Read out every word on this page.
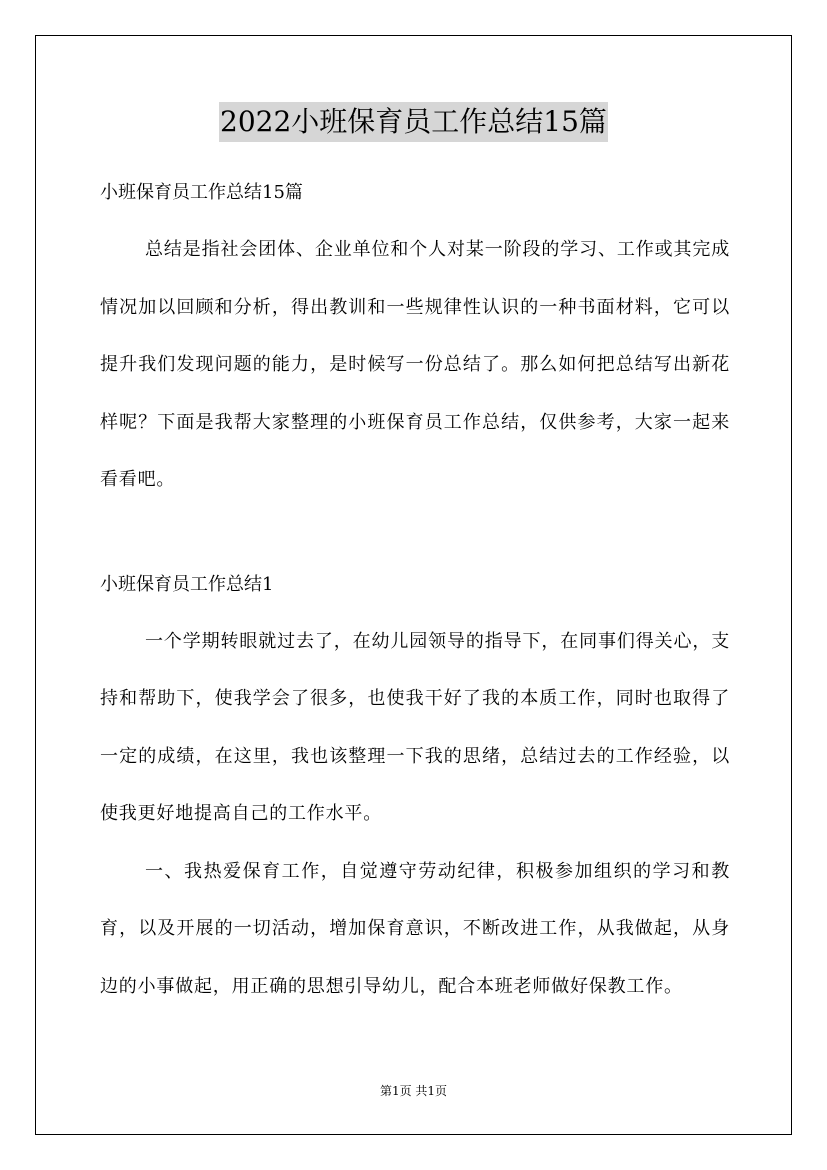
2022小班保育员工作总结15篇

小班保育员工作总结15篇

总结是指社会团体、企业单位和个人对某一阶段的学习、工作或其完成情况加以回顾和分析，得出教训和一些规律性认识的一种书面材料，它可以提升我们发现问题的能力，是时候写一份总结了。那么如何把总结写出新花样呢？下面是我帮大家整理的小班保育员工作总结，仅供参考，大家一起来看看吧。

小班保育员工作总结1

一个学期转眼就过去了，在幼儿园领导的指导下，在同事们得关心，支持和帮助下，使我学会了很多，也使我干好了我的本质工作，同时也取得了一定的成绩，在这里，我也该整理一下我的思绪，总结过去的工作经验，以使我更好地提高自己的工作水平。

一、我热爱保育工作，自觉遵守劳动纪律，积极参加组织的学习和教育，以及开展的一切活动，增加保育意识，不断改进工作，从我做起，从身边的小事做起，用正确的思想引导幼儿，配合本班老师做好保教工作。

第1页 共1页
